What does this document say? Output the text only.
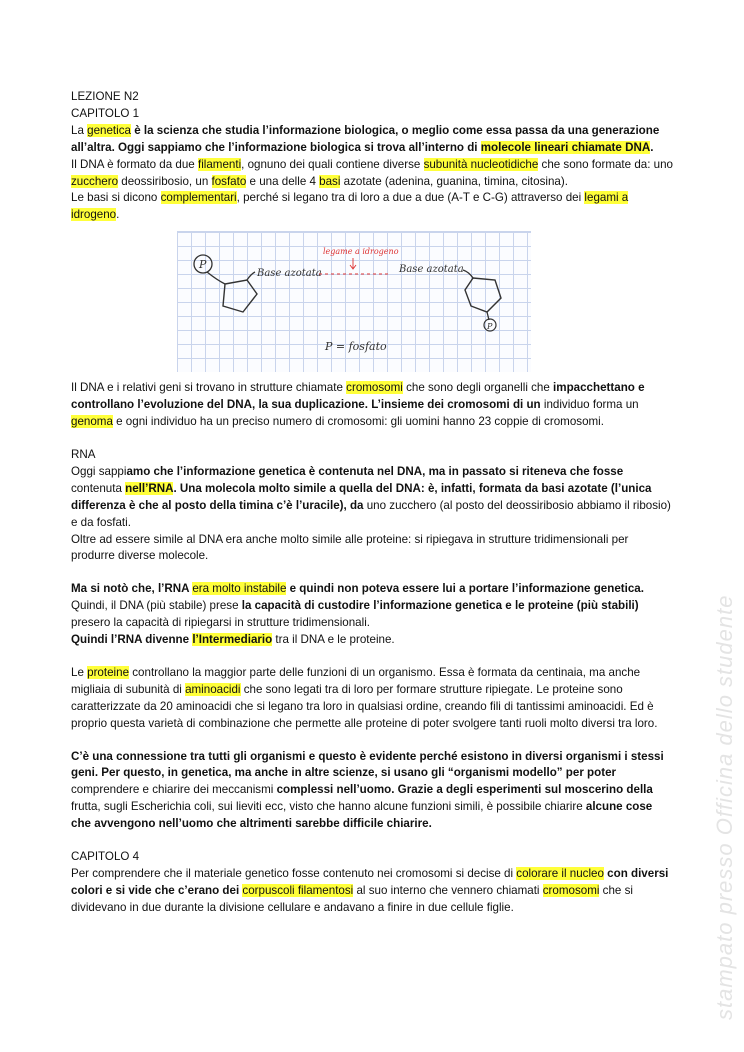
LEZIONE N2

CAPITOLO 1

La genetica è la scienza che studia l’informazione biologica, o meglio come essa passa da una generazione all’altra. Oggi sappiamo che l’informazione biologica si trova all’interno di molecole lineari chiamate DNA.

Il DNA è formato da due filamenti, ognuno dei quali contiene diverse subunità nucleotidiche che sono formate da: uno zucchero deossiribosio, un fosfato e una delle 4 basi azotate (adenina, guanina, timina, citosina).

Le basi si dicono complementari, perché si legano tra di loro a due a due (A-T e C-G) attraverso dei legami a idrogeno.

P
Base azotata
legame a idrogeno
Base azotata
P
P = fosfato

Il DNA e i relativi geni si trovano in strutture chiamate cromosomi che sono degli organelli che impacchettano e controllano l’evoluzione del DNA, la sua duplicazione. L’insieme dei cromosomi di un individuo forma un genoma e ogni individuo ha un preciso numero di cromosomi: gli uomini hanno 23 coppie di cromosomi.

RNA

Oggi sappiamo che l’informazione genetica è contenuta nel DNA, ma in passato si riteneva che fosse contenuta nell’RNA. Una molecola molto simile a quella del DNA: è, infatti, formata da basi azotate (l’unica differenza è che al posto della timina c’è l’uracile), da uno zucchero (al posto del deossiribosio abbiamo il ribosio) e da fosfati.

Oltre ad essere simile al DNA era anche molto simile alle proteine: si ripiegava in strutture tridimensionali per produrre diverse molecole.

Ma si notò che, l’RNA era molto instabile e quindi non poteva essere lui a portare l’informazione genetica.

Quindi, il DNA (più stabile) prese la capacità di custodire l’informazione genetica e le proteine (più stabili) presero la capacità di ripiegarsi in strutture tridimensionali.

Quindi l’RNA divenne l’Intermediario tra il DNA e le proteine.

Le proteine controllano la maggior parte delle funzioni di un organismo. Essa è formata da centinaia, ma anche migliaia di subunità di aminoacidi che sono legati tra di loro per formare strutture ripiegate. Le proteine sono caratterizzate da 20 aminoacidi che si legano tra loro in qualsiasi ordine, creando fili di tantissimi aminoacidi. Ed è proprio questa varietà di combinazione che permette alle proteine di poter svolgere tanti ruoli molto diversi tra loro.

C’è una connessione tra tutti gli organismi e questo è evidente perché esistono in diversi organismi i stessi geni. Per questo, in genetica, ma anche in altre scienze, si usano gli “organismi modello” per poter comprendere e chiarire dei meccanismi complessi nell’uomo. Grazie a degli esperimenti sul moscerino della frutta, sugli Escherichia coli, sui lieviti ecc, visto che hanno alcune funzioni simili, è possibile chiarire alcune cose che avvengono nell’uomo che altrimenti sarebbe difficile chiarire.

CAPITOLO 4

Per comprendere che il materiale genetico fosse contenuto nei cromosomi si decise di colorare il nucleo con diversi colori e si vide che c’erano dei corpuscoli filamentosi al suo interno che vennero chiamati cromosomi che si dividevano in due durante la divisione cellulare e andavano a finire in due cellule figlie.	stampato presso Officina dello studente
